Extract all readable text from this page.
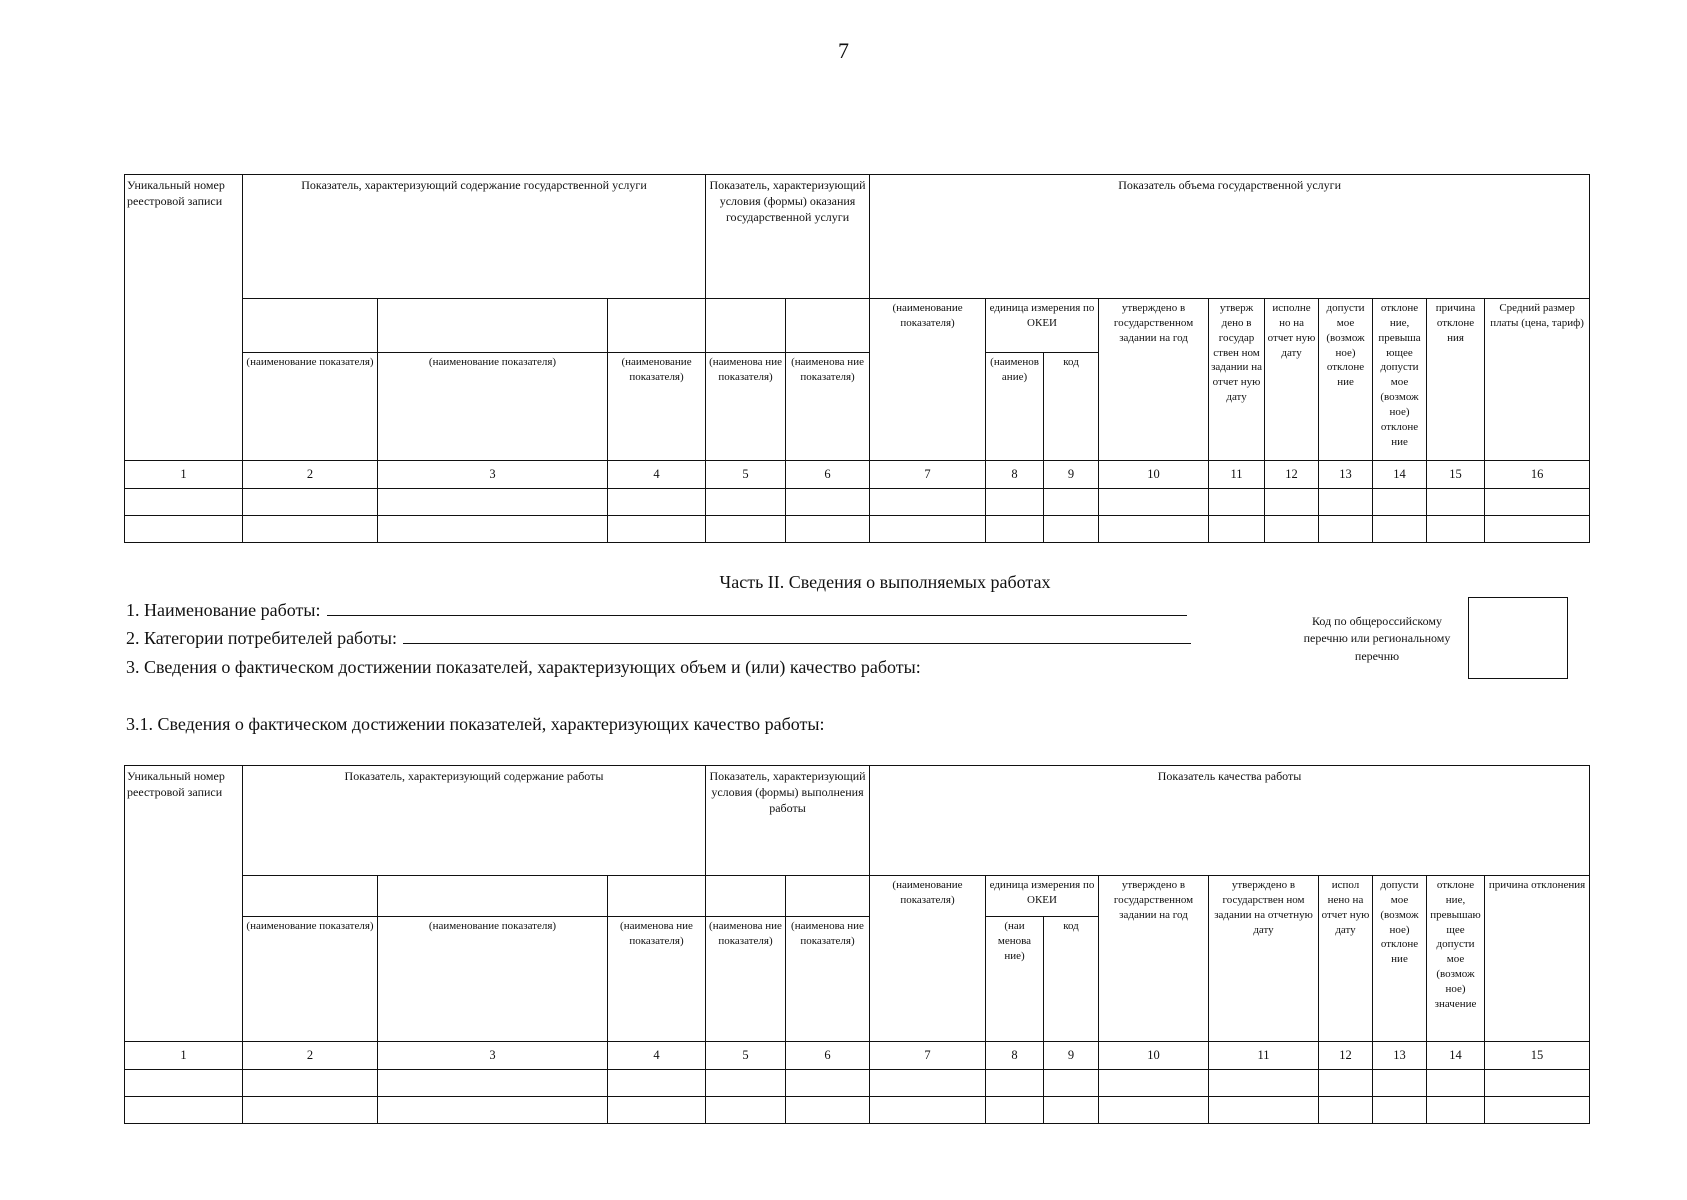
7
Уникальный номер реестровой записи	Показатель, характеризующий содержание государственной услуги			Показатель, характеризующий условия (формы) оказания государственной услуги		Показатель объема государственной услуги									
						(наименование показателя)	единица измерения по ОКЕИ		утверждено в государственном задании на год	утверж дено в государ ствен ном задании на отчет ную дату	исполне но на отчет ную дату	допусти мое (возмож ное) отклоне ние	отклоне ние, превыша ющее допусти мое (возмож ное) отклоне ние	причина отклоне ния	Средний размер платы (цена, тариф)
	(наименование показателя)	(наименование показателя)	(наименование показателя)	(наименова ние показателя)	(наименова ние показателя)		(наименов ание)	код							
1	2	3	4	5	6	7	8	9	10	11	12	13	14	15	16

Часть II. Сведения о выполняемых работах
1. Наименование работы:
2. Категории потребителей работы:
3. Сведения о фактическом достижении показателей, характеризующих объем и (или) качество работы:
3.1. Сведения о фактическом достижении показателей, характеризующих качество работы:
Код по общероссийскому перечню или региональному перечню
Уникальный номер реестровой записи	Показатель, характеризующий содержание работы			Показатель, характеризующий условия (формы) выполнения работы		Показатель качества работы								
						(наименование показателя)	единица измерения по ОКЕИ		утверждено в государственном задании на год	утверждено в государствен ном задании на отчетную дату	испол нено на отчет ную дату	допусти мое (возмож ное) отклоне ние	отклоне ние, превышаю щее допусти мое (возмож ное) значение	причина отклонения
	(наименование показателя)	(наименование показателя)	(наименова ние показателя)	(наименова ние показателя)	(наименова ние показателя)		(наи менова ние)	код						
1	2	3	4	5	6	7	8	9	10	11	12	13	14	15
